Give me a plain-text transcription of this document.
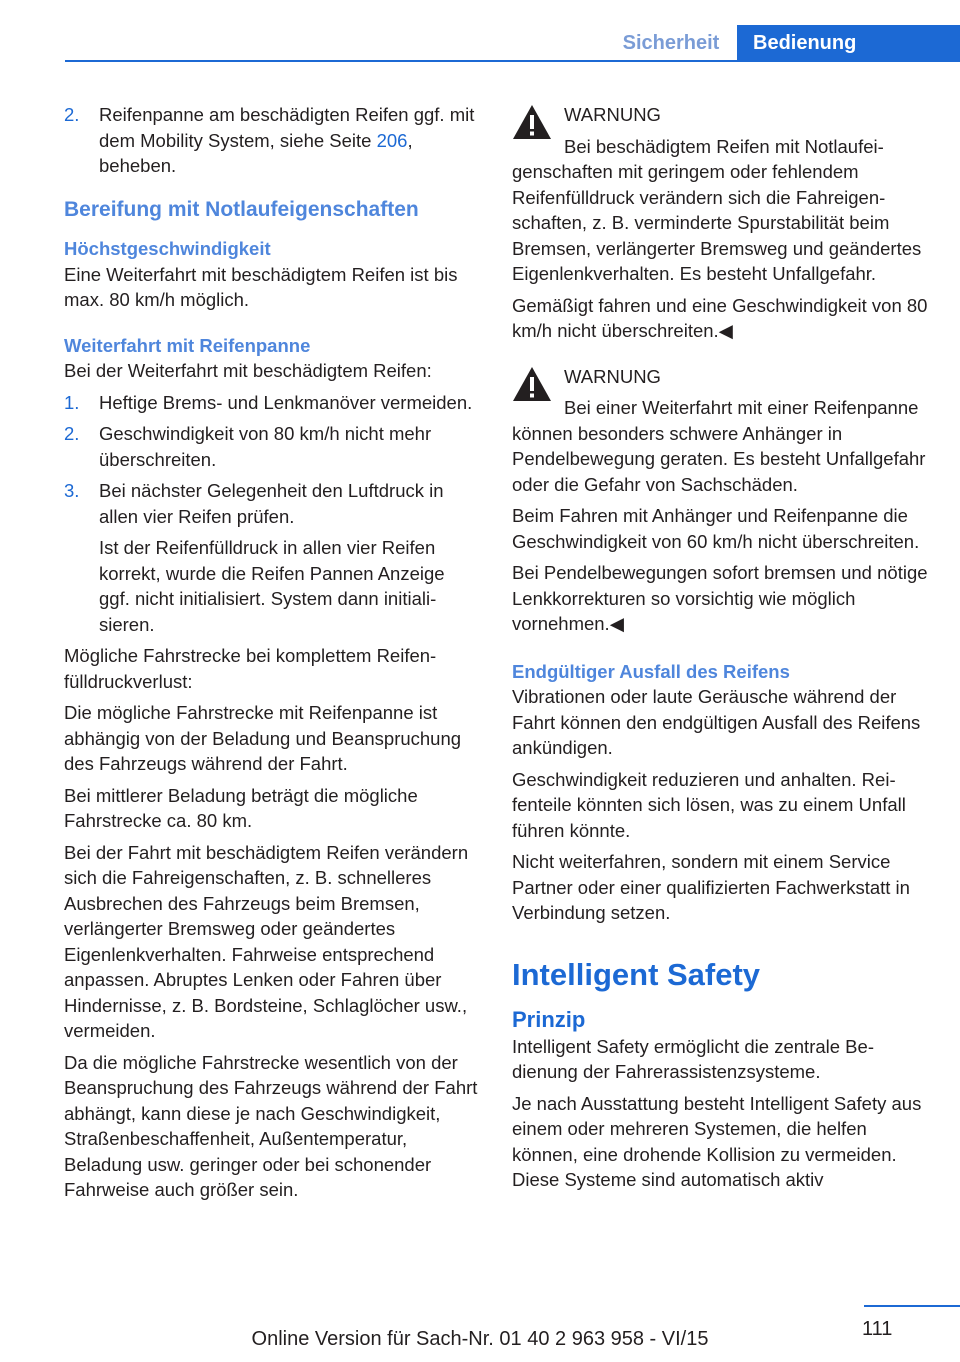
Sicherheit	Bedienung
2. Reifenpanne am beschädigten Reifen ggf. mit dem Mobility System, siehe Seite 206, beheben.
Bereifung mit Notlaufeigenschaften
Höchstgeschwindigkeit

Eine Weiterfahrt mit beschädigtem Reifen ist bis max. 80 km/h möglich.

Weiterfahrt mit Reifenpanne

Bei der Weiterfahrt mit beschädigtem Reifen:

1. Heftige Brems- und Lenkmanöver vermeiden.
2. Geschwindigkeit von 80 km/h nicht mehr überschreiten.
3. Bei nächster Gelegenheit den Luftdruck in allen vier Reifen prüfen.
Ist der Reifenfülldruck in allen vier Reifen korrekt, wurde die Reifen Pannen Anzeige ggf. nicht initialisiert. System dann initialisieren.

Mögliche Fahrstrecke bei komplettem Reifenfülldruckverlust:

Die mögliche Fahrstrecke mit Reifenpanne ist abhängig von der Beladung und Beanspruchung des Fahrzeugs während der Fahrt.

Bei mittlerer Beladung beträgt die mögliche Fahrstrecke ca. 80 km.

Bei der Fahrt mit beschädigtem Reifen verändern sich die Fahreigenschaften, z. B. schnelleres Ausbrechen des Fahrzeugs beim Bremsen, verlängerter Bremsweg oder geändertes Eigenlenkverhalten. Fahrweise entsprechend anpassen. Abruptes Lenken oder Fahren über Hindernisse, z. B. Bordsteine, Schlaglöcher usw., vermeiden.

Da die mögliche Fahrstrecke wesentlich von der Beanspruchung des Fahrzeugs während der Fahrt abhängt, kann diese je nach Geschwindigkeit, Straßenbeschaffenheit, Außentemperatur, Beladung usw. geringer oder bei schonender Fahrweise auch größer sein.

WARNUNG

Bei beschädigtem Reifen mit Notlaufeigenschaften mit geringem oder fehlendem Reifenfülldruck verändern sich die Fahreigenschaften, z. B. verminderte Spurstabilität beim Bremsen, verlängerter Bremsweg und geändertes Eigenlenkverhalten. Es besteht Unfallgefahr.

Gemäßigt fahren und eine Geschwindigkeit von 80 km/h nicht überschreiten.◀

WARNUNG

Bei einer Weiterfahrt mit einer Reifenpanne können besonders schwere Anhänger in Pendelbewegung geraten. Es besteht Unfallgefahr oder die Gefahr von Sachschäden.

Beim Fahren mit Anhänger und Reifenpanne die Geschwindigkeit von 60 km/h nicht überschreiten.

Bei Pendelbewegungen sofort bremsen und nötige Lenkkorrekturen so vorsichtig wie möglich vornehmen.◀

Endgültiger Ausfall des Reifens

Vibrationen oder laute Geräusche während der Fahrt können den endgültigen Ausfall des Reifens ankündigen.

Geschwindigkeit reduzieren und anhalten. Reifenteile könnten sich lösen, was zu einem Unfall führen könnte.

Nicht weiterfahren, sondern mit einem Service Partner oder einer qualifizierten Fachwerkstatt in Verbindung setzen.

Intelligent Safety
Prinzip

Intelligent Safety ermöglicht die zentrale Bedienung der Fahrerassistenzsysteme.

Je nach Ausstattung besteht Intelligent Safety aus einem oder mehreren Systemen, die helfen können, eine drohende Kollision zu vermeiden. Diese Systeme sind automatisch aktiv

111
Online Version für Sach-Nr. 01 40 2 963 958 - VI/15
